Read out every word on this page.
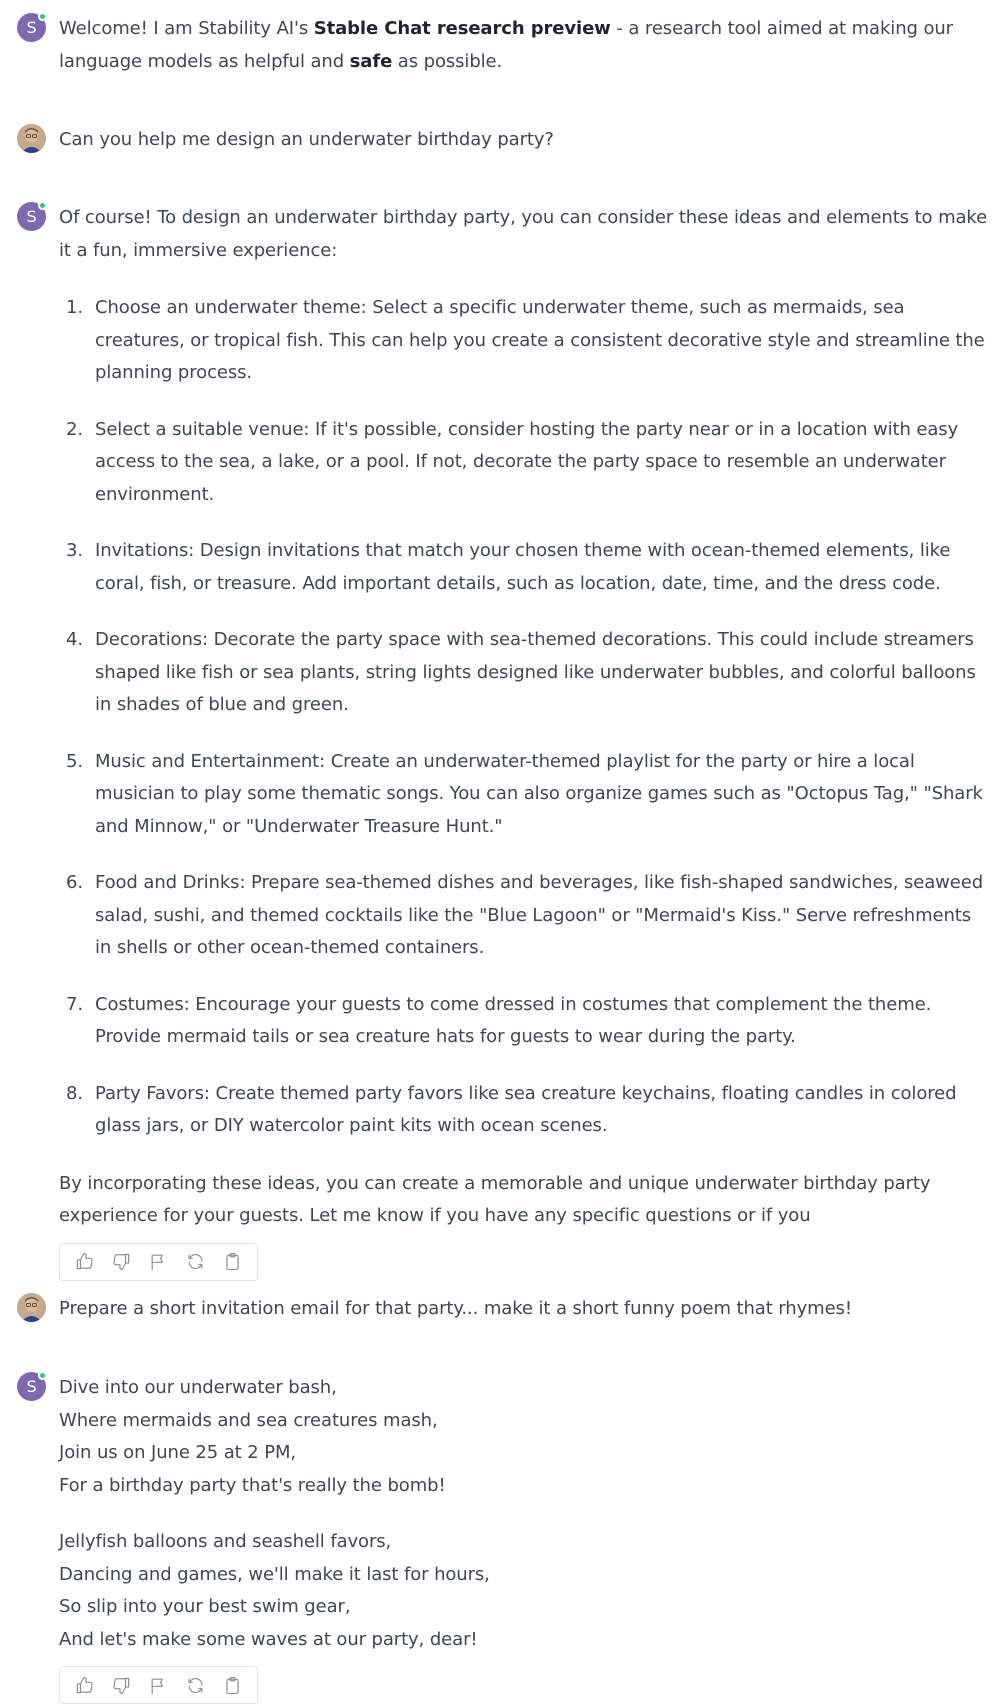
S Welcome! I am Stability AI's Stable Chat research preview - a research tool aimed at making our language models as helpful and safe as possible.
Can you help me design an underwater birthday party?
S Of course! To design an underwater birthday party, you can consider these ideas and elements to make it a fun, immersive experience:

1. Choose an underwater theme: Select a specific underwater theme, such as mermaids, sea creatures, or tropical fish. This can help you create a consistent decorative style and streamline the planning process.
2. Select a suitable venue: If it's possible, consider hosting the party near or in a location with easy access to the sea, a lake, or a pool. If not, decorate the party space to resemble an underwater environment.
3. Invitations: Design invitations that match your chosen theme with ocean-themed elements, like coral, fish, or treasure. Add important details, such as location, date, time, and the dress code.
4. Decorations: Decorate the party space with sea-themed decorations. This could include streamers shaped like fish or sea plants, string lights designed like underwater bubbles, and colorful balloons in shades of blue and green.
5. Music and Entertainment: Create an underwater-themed playlist for the party or hire a local musician to play some thematic songs. You can also organize games such as "Octopus Tag," "Shark and Minnow," or "Underwater Treasure Hunt."
6. Food and Drinks: Prepare sea-themed dishes and beverages, like fish-shaped sandwiches, seaweed salad, sushi, and themed cocktails like the "Blue Lagoon" or "Mermaid's Kiss." Serve refreshments in shells or other ocean-themed containers.
7. Costumes: Encourage your guests to come dressed in costumes that complement the theme. Provide mermaid tails or sea creature hats for guests to wear during the party.
8. Party Favors: Create themed party favors like sea creature keychains, floating candles in colored glass jars, or DIY watercolor paint kits with ocean scenes.

By incorporating these ideas, you can create a memorable and unique underwater birthday party experience for your guests. Let me know if you have any specific questions or if you

Prepare a short invitation email for that party... make it a short funny poem that rhymes!
S Dive into our underwater bash,

Where mermaids and sea creatures mash,

Join us on June 25 at 2 PM,

For a birthday party that's really the bomb!

Jellyfish balloons and seashell favors,

Dancing and games, we'll make it last for hours,

So slip into your best swim gear,

And let's make some waves at our party, dear!
